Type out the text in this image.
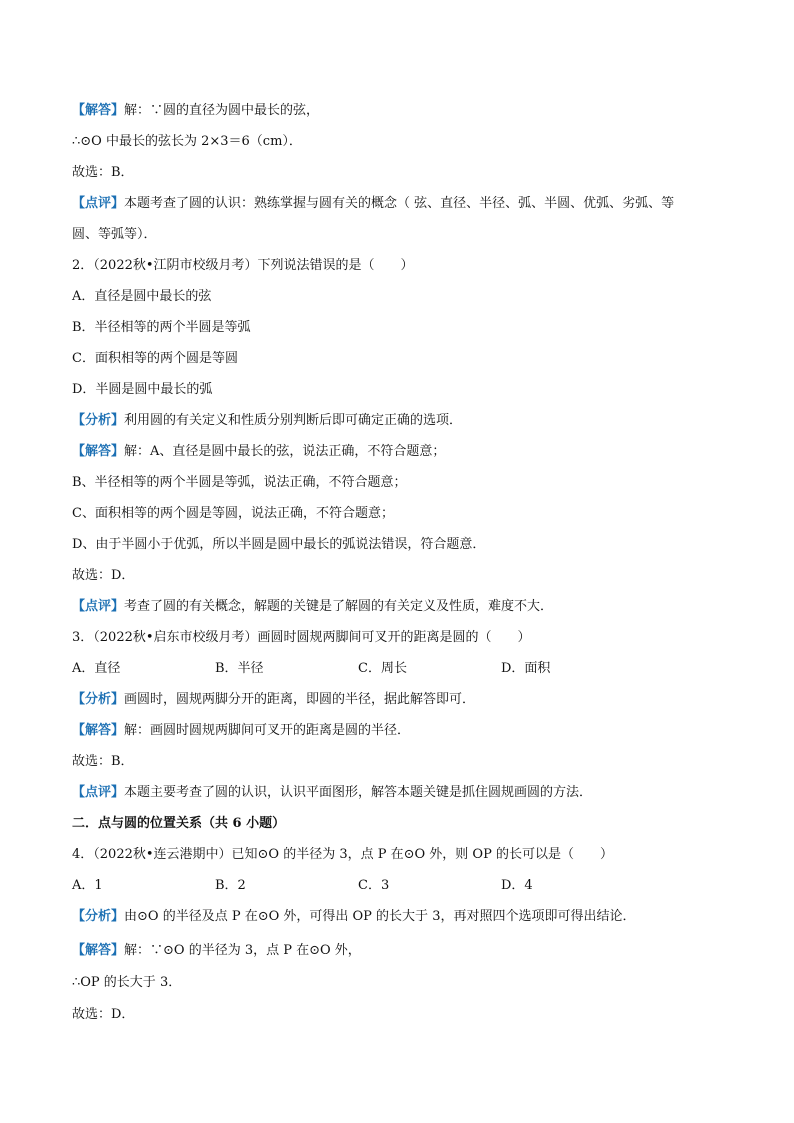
【解答】解：∵圆的直径为圆中最长的弦，
∴⊙O 中最长的弦长为 2×3＝6（cm）．
故选：B．
【点评】本题考查了圆的认识：熟练掌握与圆有关的概念（ 弦、直径、半径、弧、半圆、优弧、劣弧、等
圆、等弧等）．
2．（2022秋•江阴市校级月考）下列说法错误的是（　　）
A．直径是圆中最长的弦
B．半径相等的两个半圆是等弧
C．面积相等的两个圆是等圆
D．半圆是圆中最长的弧
【分析】利用圆的有关定义和性质分别判断后即可确定正确的选项．
【解答】解：A、直径是圆中最长的弦，说法正确，不符合题意；
B、半径相等的两个半圆是等弧，说法正确，不符合题意；
C、面积相等的两个圆是等圆，说法正确，不符合题意；
D、由于半圆小于优弧，所以半圆是圆中最长的弧说法错误，符合题意．
故选：D．
【点评】考查了圆的有关概念，解题的关键是了解圆的有关定义及性质，难度不大．
3．（2022秋•启东市校级月考）画圆时圆规两脚间可叉开的距离是圆的（　　）
A．直径	B．半径	C．周长	D．面积
【分析】画圆时，圆规两脚分开的距离，即圆的半径，据此解答即可．
【解答】解：画圆时圆规两脚间可叉开的距离是圆的半径．
故选：B．
【点评】本题主要考查了圆的认识，认识平面图形，解答本题关键是抓住圆规画圆的方法．
二．点与圆的位置关系（共 6 小题）
4．（2022秋•连云港期中）已知⊙O 的半径为 3，点 P 在⊙O 外，则 OP 的长可以是（　　）
A．1	B．2	C．3	D．4
【分析】由⊙O 的半径及点 P 在⊙O 外，可得出 OP 的长大于 3，再对照四个选项即可得出结论．
【解答】解：∵⊙O 的半径为 3，点 P 在⊙O 外，
∴OP 的长大于 3．
故选：D．
